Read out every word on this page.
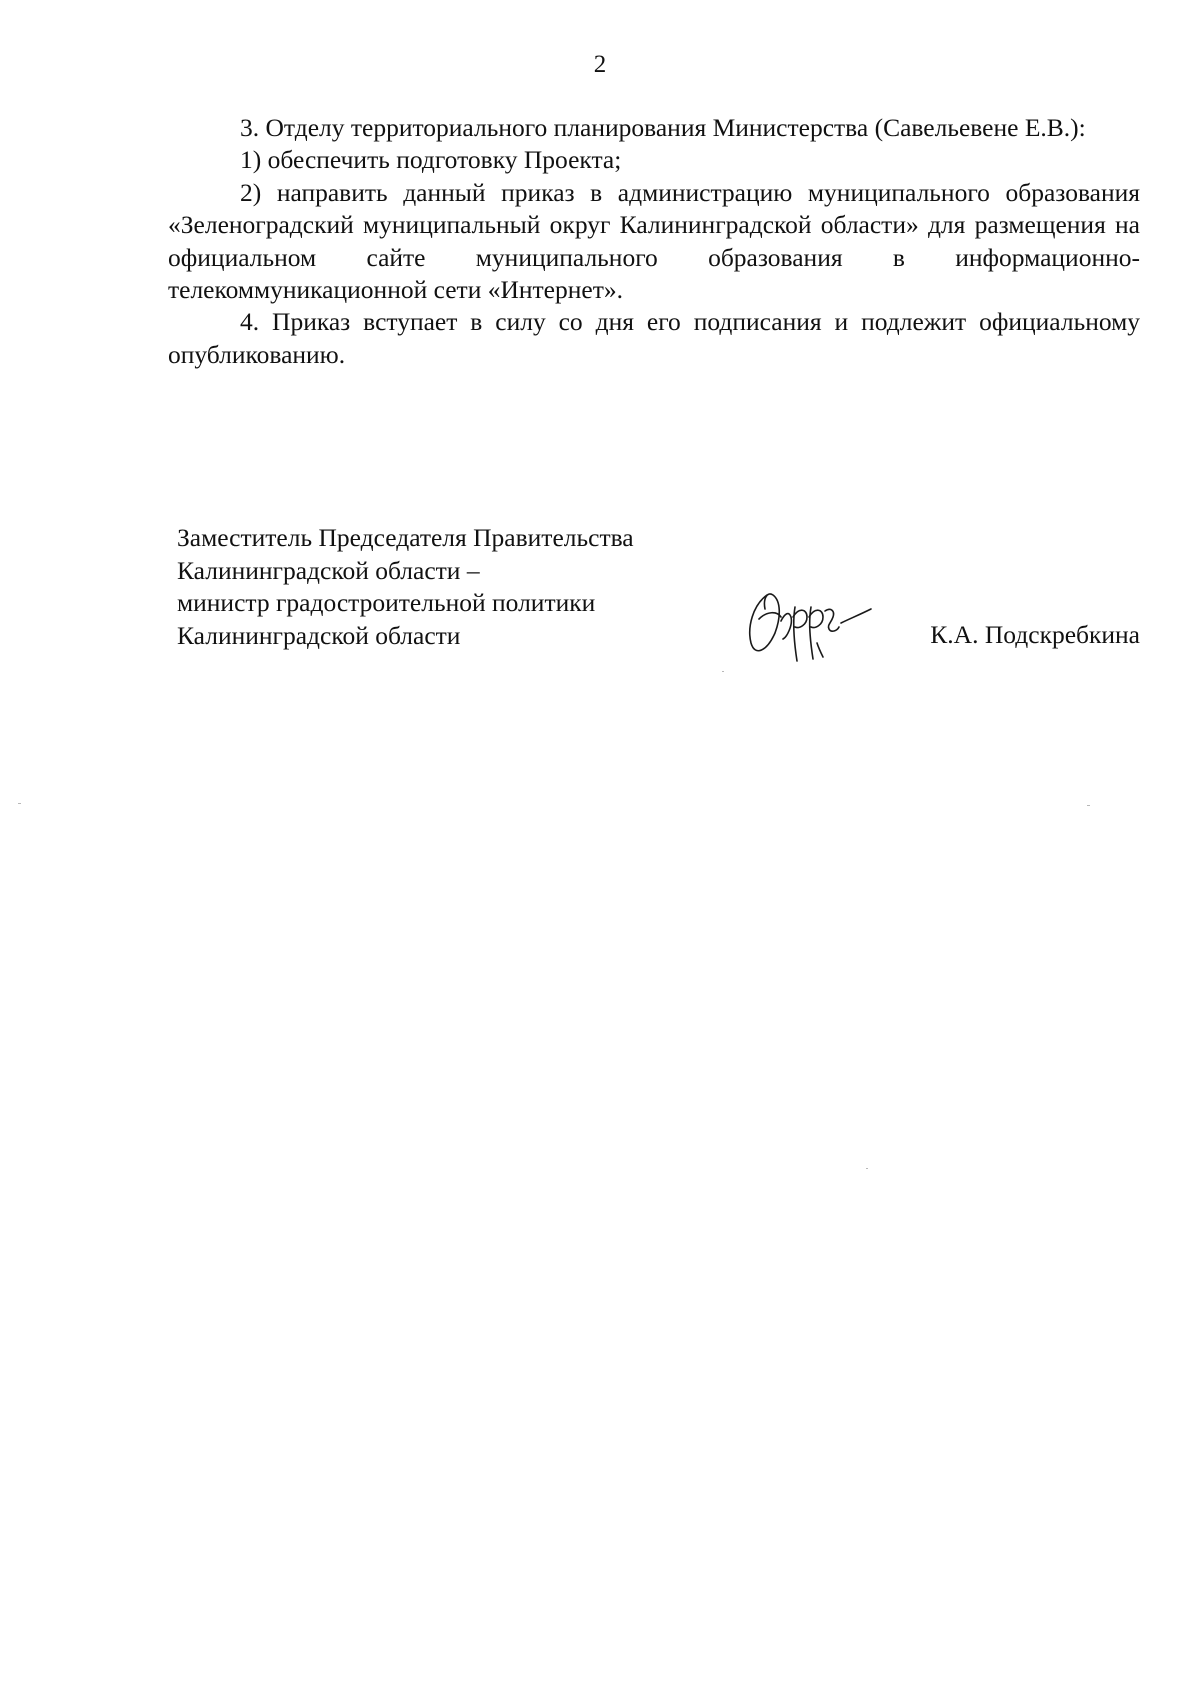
2

3. Отделу территориального планирования Министерства (Савельевене Е.В.):

1) обеспечить подготовку Проекта;

2) направить данный приказ в администрацию муниципального образования «Зеленоградский муниципальный округ Калининградской области» для размещения на официальном сайте муниципального образования в информационно-телекоммуникационной сети «Интернет».

4. Приказ вступает в силу со дня его подписания и подлежит официальному опубликованию.

Заместитель Председателя Правительства
Калининградской области –
министр градостроительной политики
Калининградской области	К.А. Подскребкина
